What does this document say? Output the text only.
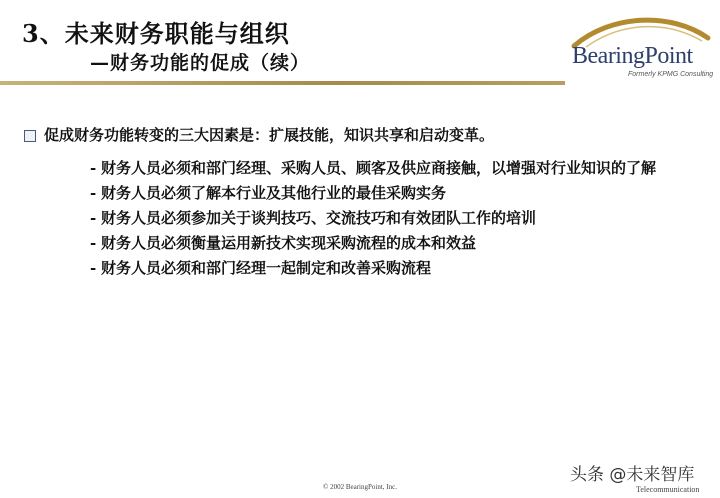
3、未来财务职能与组织
—财务功能的促成（续）	BearingPoint
Formerly KPMG Consulting
促成财务功能转变的三大因素是：扩展技能，知识共享和启动变革。
- 财务人员必须和部门经理、采购人员、顾客及供应商接触，以增强对行业知识的了解
- 财务人员必须了解本行业及其他行业的最佳采购实务
- 财务人员必须参加关于谈判技巧、交流技巧和有效团队工作的培训
- 财务人员必须衡量运用新技术实现采购流程的成本和效益
- 财务人员必须和部门经理一起制定和改善采购流程
© 2002 BearingPoint, Inc.
头条 @未来智库
Telecommunication
